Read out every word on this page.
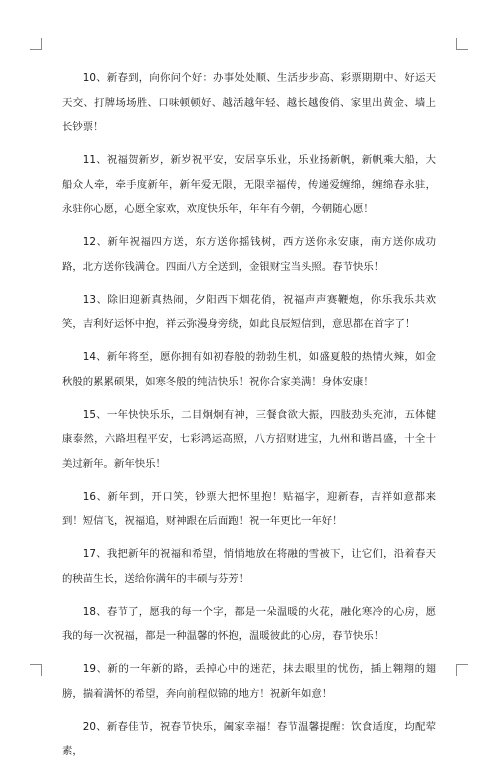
10、新春到，向你问个好：办事处处顺、生活步步高、彩票期期中、好运天天交、打牌场场胜、口味顿顿好、越活越年轻、越长越俊俏、家里出黄金、墙上长钞票！

11、祝福贺新岁，新岁祝平安，安居享乐业，乐业扬新帆，新帆乘大船，大船众人牵，牵手度新年，新年爱无限，无限幸福传，传递爱缠绵，缠绵春永驻，永驻你心愿，心愿全家欢，欢度快乐年，年年有今朝，今朝随心愿！

12、新年祝福四方送，东方送你摇钱树，西方送你永安康，南方送你成功路，北方送你钱满仓。四面八方全送到，金银财宝当头照。春节快乐！

13、除旧迎新真热闹，夕阳西下烟花俏，祝福声声赛鞭炮，你乐我乐共欢笑，吉利好运怀中抱，祥云弥漫身旁绕，如此良辰短信到，意思都在首字了！

14、新年将至，愿你拥有如初春般的勃勃生机，如盛夏般的热情火辣，如金秋般的累累硕果，如寒冬般的纯洁快乐！祝你合家美满！身体安康！

15、一年快快乐乐，二目炯炯有神，三餐食欲大振，四肢劲头充沛，五体健康泰然，六路坦程平安，七彩鸿运高照，八方招财进宝，九州和谐昌盛，十全十美过新年。新年快乐！

16、新年到，开口笑，钞票大把怀里抱！贴福字，迎新春，吉祥如意都来到！短信飞，祝福追，财神跟在后面跑！祝一年更比一年好！

17、我把新年的祝福和希望，悄悄地放在将融的雪被下，让它们，沿着春天的秧苗生长，送给你满年的丰硕与芬芳！

18、春节了，愿我的每一个字，都是一朵温暖的火花，融化寒冷的心房，愿我的每一次祝福，都是一种温馨的怀抱，温暖彼此的心房，春节快乐！

19、新的一年新的路，丢掉心中的迷茫，抹去眼里的忧伤，插上翱翔的翅膀，揣着满怀的希望，奔向前程似锦的地方！祝新年如意！

20、新春佳节，祝春节快乐，阖家幸福！春节温馨提醒：饮食适度，均配荤素，
